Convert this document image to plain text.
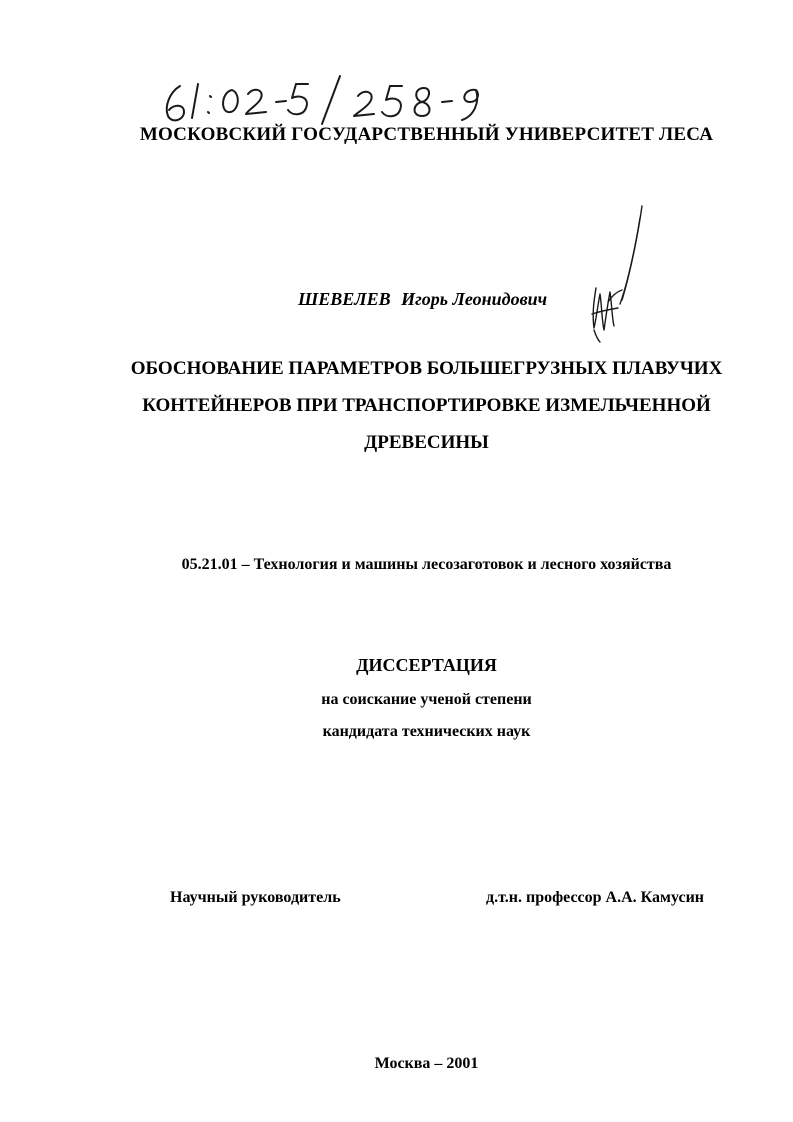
МОСКОВСКИЙ ГОСУДАРСТВЕННЫЙ УНИВЕРСИТЕТ ЛЕСА
ШЕВЕЛЕВ Игорь Леонидович
ОБОСНОВАНИЕ ПАРАМЕТРОВ БОЛЬШЕГРУЗНЫХ ПЛАВУЧИХ
КОНТЕЙНЕРОВ ПРИ ТРАНСПОРТИРОВКЕ ИЗМЕЛЬЧЕННОЙ
ДРЕВЕСИНЫ
05.21.01 – Технология и машины лесозаготовок и лесного хозяйства
ДИССЕРТАЦИЯ
на соискание ученой степени
кандидата технических наук
Научный руководитель	д.т.н. профессор А.А. Камусин
Москва – 2001
